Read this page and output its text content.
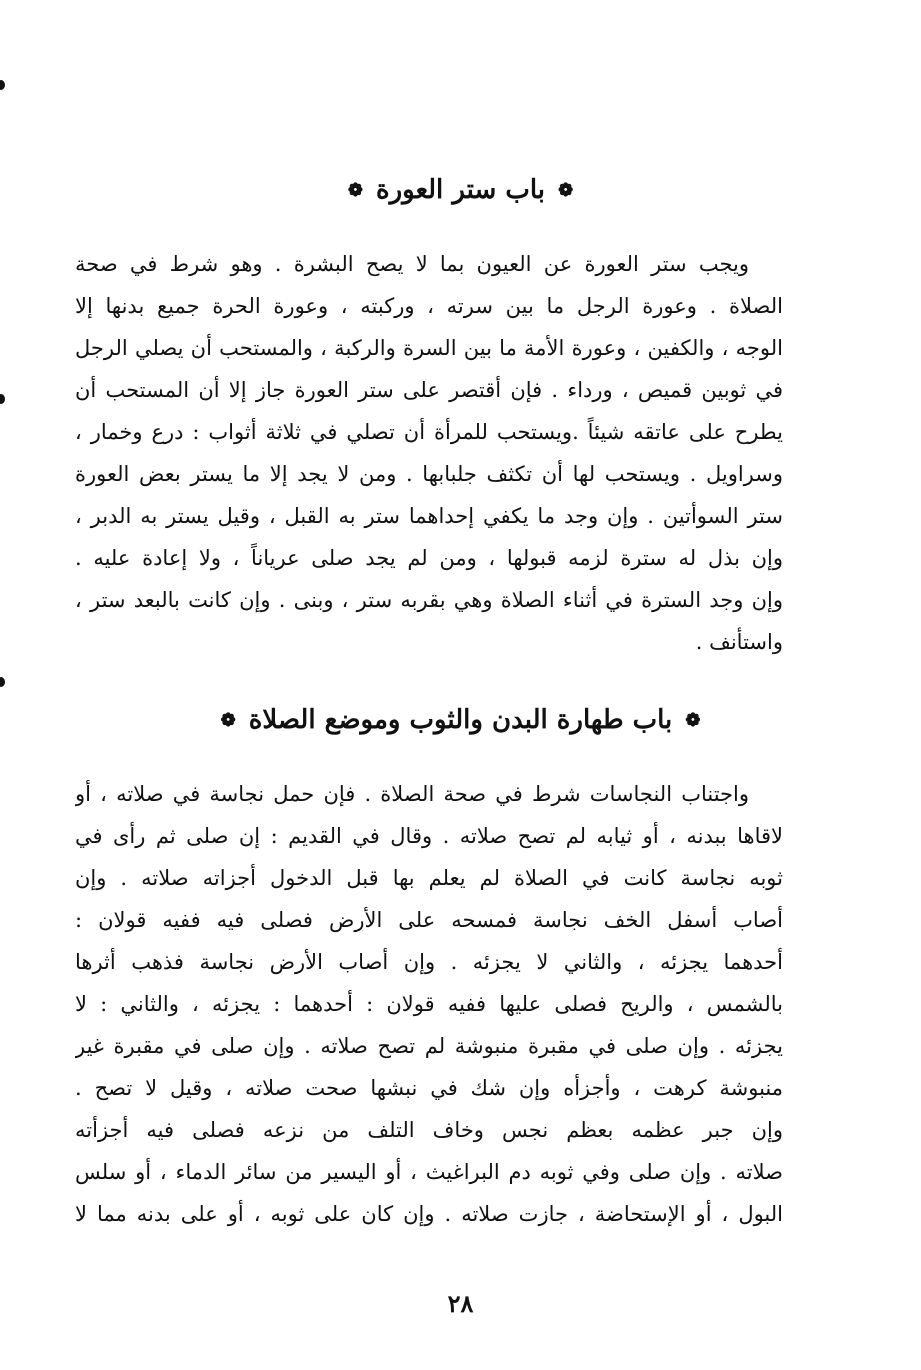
❁ باب ستر العورة ❁
ويجب ستر العورة عن العيون بما لا يصح البشرة . وهو شرط في صحة
الصلاة . وعورة الرجل ما بين سرته ، وركبته ، وعورة الحرة جميع بدنها إلا
الوجه ، والكفين ، وعورة الأمة ما بين السرة والركبة ، والمستحب أن يصلي الرجل
في ثوبين قميص ، ورداء . فإن أقتصر على ستر العورة جاز إلا أن المستحب أن
يطرح على عاتقه شيئاً .ويستحب للمرأة أن تصلي في ثلاثة أثواب : درع وخمار ،
وسراويل . ويستحب لها أن تكثف جلبابها . ومن لا يجد إلا ما يستر بعض العورة
ستر السوأتين . وإن وجد ما يكفي إحداهما ستر به القبل ، وقيل يستر به الدبر ،
وإن بذل له سترة لزمه قبولها ، ومن لم يجد صلى عرياناً ، ولا إعادة عليه .
وإن وجد السترة في أثناء الصلاة وهي بقربه ستر ، وبنى . وإن كانت بالبعد ستر ،
واستأنف .
❁ باب طهارة البدن والثوب وموضع الصلاة ❁
واجتناب النجاسات شرط في صحة الصلاة . فإن حمل نجاسة في صلاته ، أو
لاقاها ببدنه ، أو ثيابه لم تصح صلاته . وقال في القديم : إن صلى ثم رأى في
ثوبه نجاسة كانت في الصلاة لم يعلم بها قبل الدخول أجزاته صلاته . وإن
أصاب أسفل الخف نجاسة فمسحه على الأرض فصلى فيه ففيه قولان :
أحدهما يجزئه ، والثاني لا يجزئه . وإن أصاب الأرض نجاسة فذهب أثرها
بالشمس ، والريح فصلى عليها ففيه قولان : أحدهما : يجزئه ، والثاني : لا
يجزئه . وإن صلى في مقبرة منبوشة لم تصح صلاته . وإن صلى في مقبرة غير
منبوشة كرهت ، وأجزأه وإن شك في نبشها صحت صلاته ، وقيل لا تصح .
وإن جبر عظمه بعظم نجس وخاف التلف من نزعه فصلى فيه أجزأته
صلاته . وإن صلى وفي ثوبه دم البراغيث ، أو اليسير من سائر الدماء ، أو سلس
البول ، أو الإستحاضة ، جازت صلاته . وإن كان على ثوبه ، أو على بدنه مما لا
٢٨
